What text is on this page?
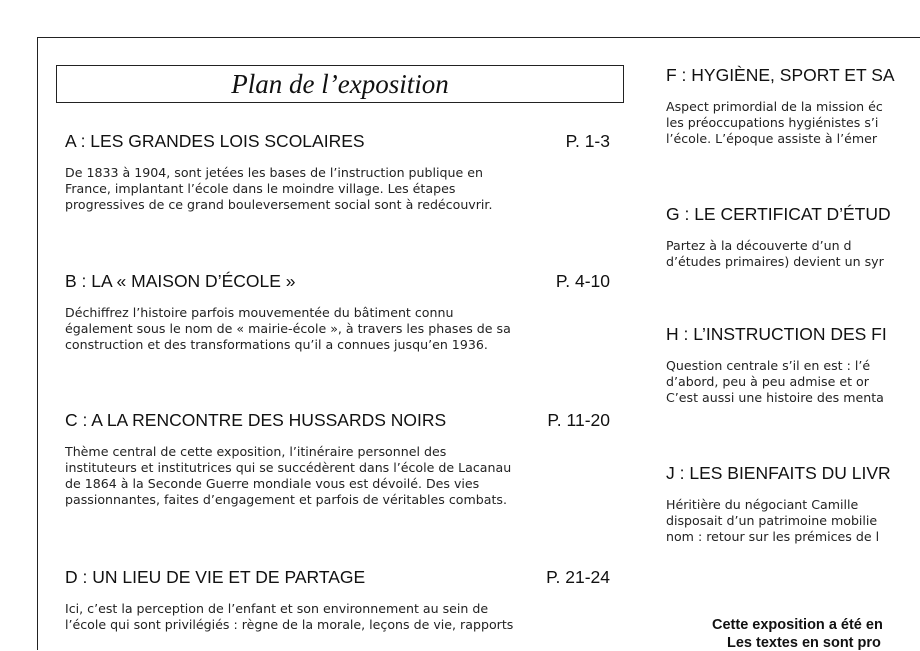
Plan de l’exposition
A : LES GRANDES LOIS SCOLAIRES	P. 1-3

De 1833 à 1904, sont jetées les bases de l’instruction publique en

France, implantant l’école dans le moindre village. Les étapes

progressives de ce grand bouleversement social sont à redécouvrir.

B : LA « MAISON D’ÉCOLE »	P. 4-10

Déchiffrez l’histoire parfois mouvementée du bâtiment connu

également sous le nom de « mairie-école », à travers les phases de sa

construction et des transformations qu’il a connues jusqu’en 1936.

C : A LA RENCONTRE DES HUSSARDS NOIRS	P. 11-20

Thème central de cette exposition, l’itinéraire personnel des

instituteurs et institutrices qui se succédèrent dans l’école de Lacanau

de 1864 à la Seconde Guerre mondiale vous est dévoilé. Des vies

passionnantes, faites d’engagement et parfois de véritables combats.

D : UN LIEU DE VIE ET DE PARTAGE	P. 21-24

Ici, c’est la perception de l’enfant et son environnement au sein de

l’école qui sont privilégiés : règne de la morale, leçons de vie, rapports

F : HYGIÈNE, SPORT ET SA

Aspect primordial de la mission éc

les préoccupations hygiénistes s’i

l’école. L’époque assiste à l’émer

G : LE CERTIFICAT D’ÉTUD

Partez à la découverte d’un d

d’études primaires) devient un syr

H : L’INSTRUCTION DES FI

Question centrale s’il en est : l’é

d’abord, peu à peu admise et or

C’est aussi une histoire des menta

J : LES BIENFAITS DU LIVR

Héritière du négociant Camille

disposait d’un patrimoine mobilie

nom : retour sur les prémices de l

Cette exposition a été en
Les textes en sont pro
